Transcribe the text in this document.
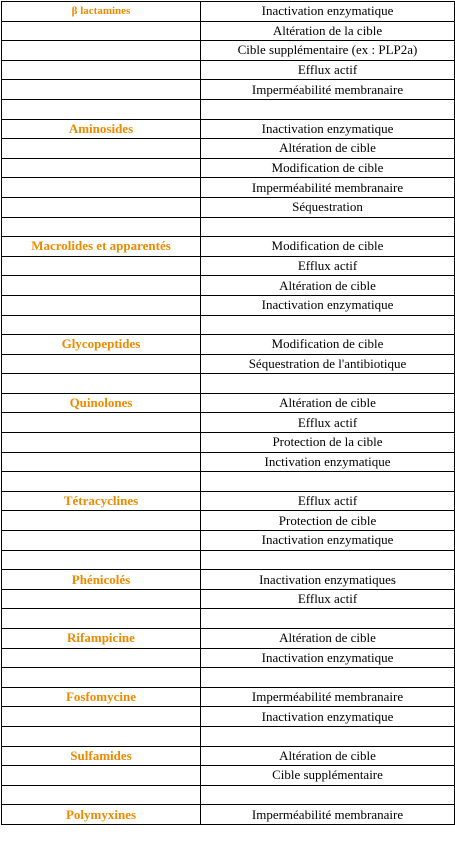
β lactamines	Inactivation enzymatique
	Altération de la cible
	Cible supplémentaire (ex : PLP2a)
	Efflux actif
	Imperméabilité membranaire

Aminosides	Inactivation enzymatique
	Altération de cible
	Modification de cible
	Imperméabilité membranaire
	Séquestration

Macrolides et apparentés	Modification de cible
	Efflux actif
	Altération de cible
	Inactivation enzymatique

Glycopeptides	Modification de cible
	Séquestration de l'antibiotique

Quinolones	Altération de cible
	Efflux actif
	Protection de la cible
	Inctivation enzymatique

Tétracyclines	Efflux actif
	Protection de cible
	Inactivation enzymatique

Phénicolés	Inactivation enzymatiques
	Efflux actif

Rifampicine	Altération de cible
	Inactivation enzymatique

Fosfomycine	Imperméabilité membranaire
	Inactivation enzymatique

Sulfamides	Altération de cible
	Cible supplémentaire

Polymyxines	Imperméabilité membranaire
